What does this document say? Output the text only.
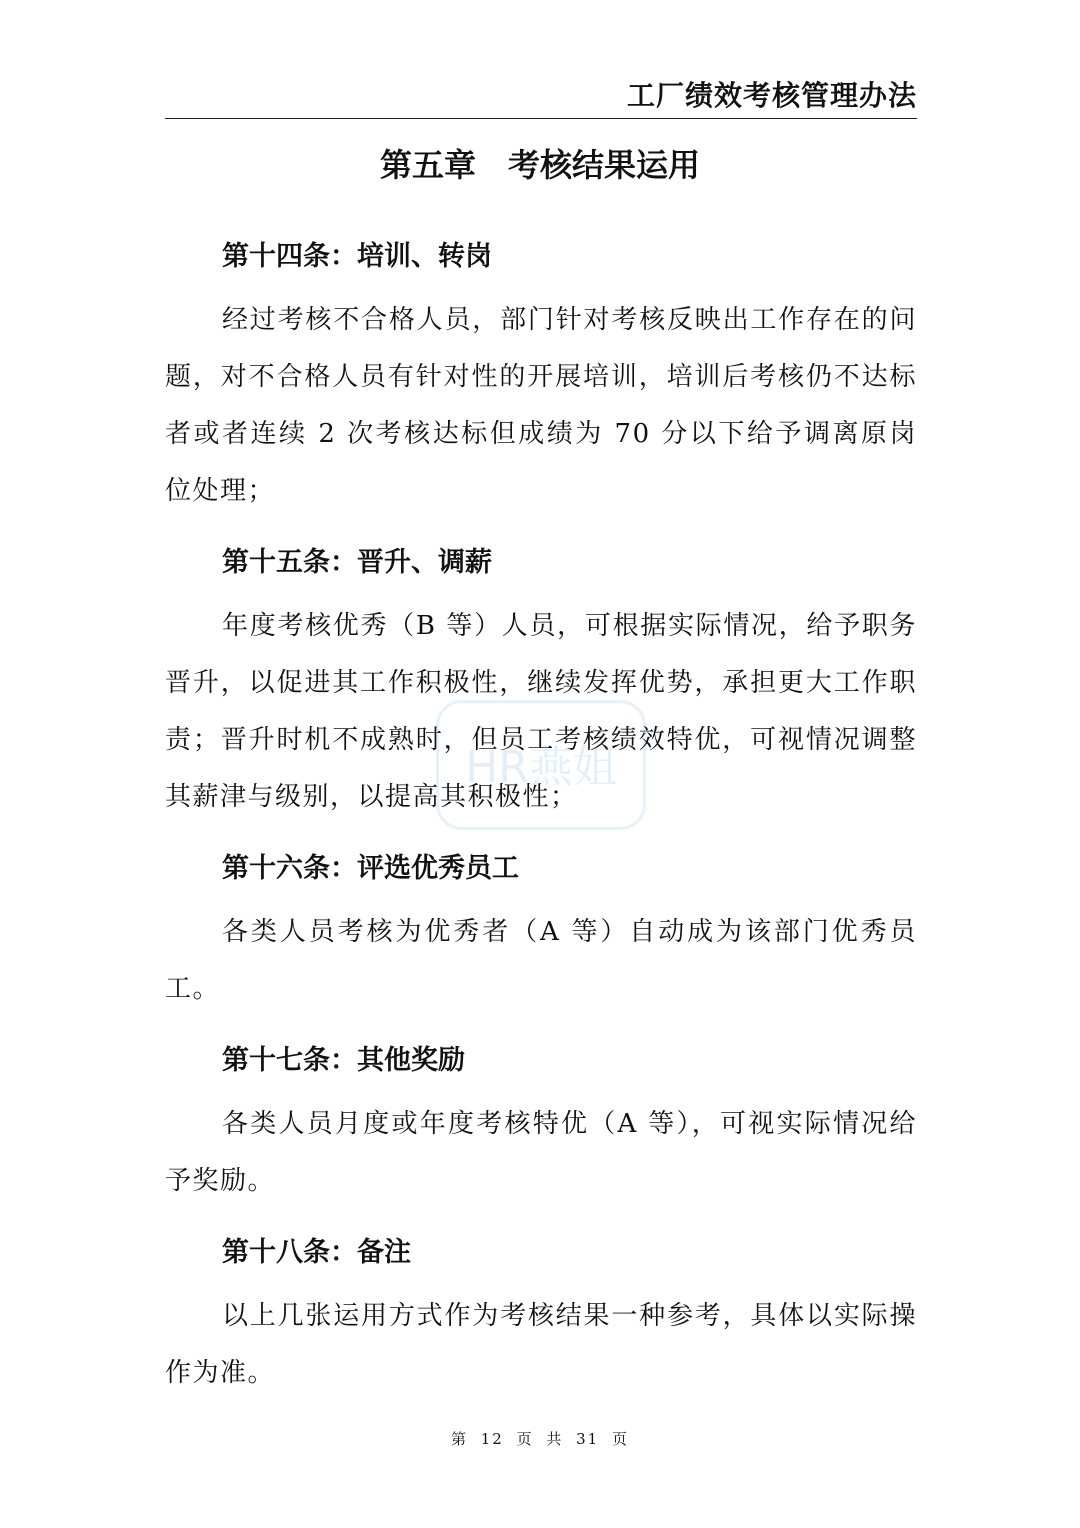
工厂绩效考核管理办法
第五章　考核结果运用
第十四条：培训、转岗

经过考核不合格人员，部门针对考核反映出工作存在的问题，对不合格人员有针对性的开展培训，培训后考核仍不达标者或者连续 2 次考核达标但成绩为 70 分以下给予调离原岗位处理；

第十五条：晋升、调薪

年度考核优秀（B 等）人员，可根据实际情况，给予职务晋升，以促进其工作积极性，继续发挥优势，承担更大工作职责；晋升时机不成熟时，但员工考核绩效特优，可视情况调整其薪津与级别，以提高其积极性；

第十六条：评选优秀员工

各类人员考核为优秀者（A 等）自动成为该部门优秀员工。

第十七条：其他奖励

各类人员月度或年度考核特优（A 等），可视实际情况给予奖励。

第十八条：备注

以上几张运用方式作为考核结果一种参考，具体以实际操作为准。

HR燕姐
第 12 页 共 31 页
